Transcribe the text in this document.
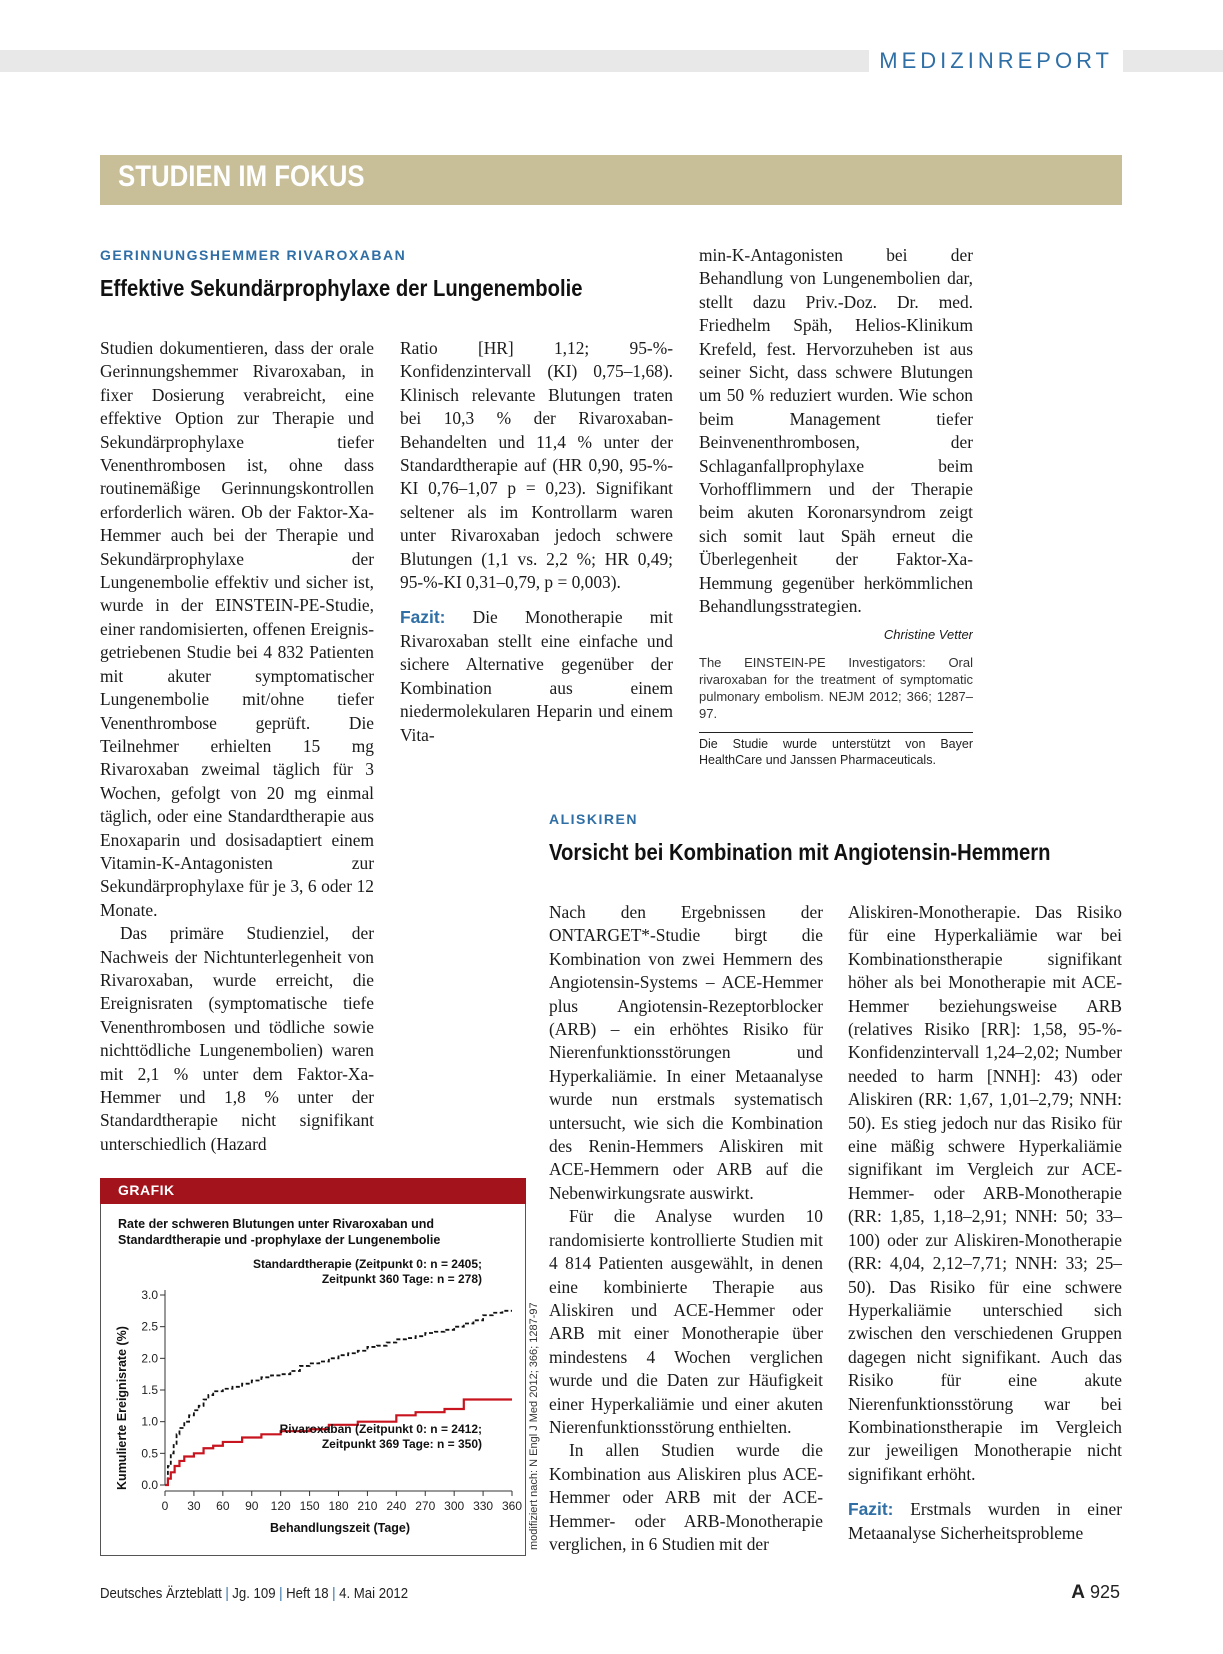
MEDIZINREPORT
STUDIEN IM FOKUS
GERINNUNGSHEMMER RIVAROXABAN
Effektive Sekundärprophylaxe der Lungenembolie

Studien dokumentieren, dass der orale Gerinnungshemmer Rivaroxaban, in fixer Dosierung verabreicht, eine effektive Option zur Therapie und Sekundärprophylaxe tiefer Venenthrombosen ist, ohne dass routinemäßige Gerinnungskontrollen erforderlich wären. Ob der Faktor-Xa-Hemmer auch bei der Therapie und Sekundärprophylaxe der Lungenembolie effektiv und sicher ist, wurde in der EINSTEIN-PE-Studie, einer randomisierten, offenen Ereignis-getriebenen Studie bei 4 832 Patienten mit akuter symptomatischer Lungenembolie mit/ohne tiefer Venenthrombose geprüft. Die Teilnehmer erhielten 15 mg Rivaroxaban zweimal täglich für 3 Wochen, gefolgt von 20 mg einmal täglich, oder eine Standardtherapie aus Enoxaparin und dosisadaptiert einem Vitamin-K-Antagonisten zur Sekundärprophylaxe für je 3, 6 oder 12 Monate.

Das primäre Studienziel, der Nachweis der Nichtunterlegenheit von Rivaroxaban, wurde erreicht, die Ereignisraten (symptomatische tiefe Venenthrombosen und tödliche sowie nichttödliche Lungenembolien) waren mit 2,1 % unter dem Faktor-Xa-Hemmer und 1,8 % unter der Standardtherapie nicht signifikant unterschiedlich (Hazard

Ratio [HR] 1,12; 95-%-Konfidenzintervall (KI) 0,75–1,68). Klinisch relevante Blutungen traten bei 10,3 % der Rivaroxaban-Behandelten und 11,4 % unter der Standardtherapie auf (HR 0,90, 95-%-KI 0,76–1,07 p = 0,23). Signifikant seltener als im Kontrollarm waren unter Rivaroxaban jedoch schwere Blutungen (1,1 vs. 2,2 %; HR 0,49; 95-%-KI 0,31–0,79, p = 0,003).

Fazit: Die Monotherapie mit Rivaroxaban stellt eine einfache und sichere Alternative gegenüber der Kombination aus einem niedermolekularen Heparin und einem Vita-

min-K-Antagonisten bei der Behandlung von Lungenembolien dar, stellt dazu Priv.-Doz. Dr. med. Friedhelm Späh, Helios-Klinikum Krefeld, fest. Hervorzuheben ist aus seiner Sicht, dass schwere Blutungen um 50 % reduziert wurden. Wie schon beim Management tiefer Beinvenenthrombosen, der Schlaganfallprophylaxe beim Vorhofflimmern und der Therapie beim akuten Koronarsyndrom zeigt sich somit laut Späh erneut die Überlegenheit der Faktor-Xa-Hemmung gegenüber herkömmlichen Behandlungsstrategien.

Christine Vetter
The EINSTEIN-PE Investigators: Oral rivaroxaban for the treatment of symptomatic pulmonary embolism. NEJM 2012; 366; 1287–97.
Die Studie wurde unterstützt von Bayer HealthCare und Janssen Pharmaceuticals.
GRAFIK
Rate der schweren Blutungen unter Rivaroxaban und Standardtherapie und -prophylaxe der Lungenembolie
0.0
0.5
1.0
1.5
2.0
2.5
3.0
0 30 60 90 120 150 180 210 240 270 300 330 360
Standardtherapie (Zeitpunkt 0: n = 2405;
Zeitpunkt 360 Tage: n = 278)
Rivaroxaban (Zeitpunkt 0: n = 2412;
Zeitpunkt 369 Tage: n = 350)
Kumulierte Ereignisrate (%)
Behandlungszeit (Tage)	modifiziert nach: N Engl J Med 2012; 366; 1287-97
ALISKIREN
Vorsicht bei Kombination mit Angiotensin-Hemmern

Nach den Ergebnissen der ONTARGET*-Studie birgt die Kombination von zwei Hemmern des Angiotensin-Systems – ACE-Hemmer plus Angiotensin-Rezeptorblocker (ARB) – ein erhöhtes Risiko für Nierenfunktionsstörungen und Hyperkaliämie. In einer Metaanalyse wurde nun erstmals systematisch untersucht, wie sich die Kombination des Renin-Hemmers Aliskiren mit ACE-Hemmern oder ARB auf die Nebenwirkungsrate auswirkt.

Für die Analyse wurden 10 randomisierte kontrollierte Studien mit 4 814 Patienten ausgewählt, in denen eine kombinierte Therapie aus Aliskiren und ACE-Hemmer oder ARB mit einer Monotherapie über mindestens 4 Wochen verglichen wurde und die Daten zur Häufigkeit einer Hyperkaliämie und einer akuten Nierenfunktionsstörung enthielten.

In allen Studien wurde die Kombination aus Aliskiren plus ACE-Hemmer oder ARB mit der ACE-Hemmer- oder ARB-Monotherapie verglichen, in 6 Studien mit der

Aliskiren-Monotherapie. Das Risiko für eine Hyperkaliämie war bei Kombinationstherapie signifikant höher als bei Monotherapie mit ACE-Hemmer beziehungsweise ARB (relatives Risiko [RR]: 1,58, 95-%-Konfidenzintervall 1,24–2,02; Number needed to harm [NNH]: 43) oder Aliskiren (RR: 1,67, 1,01–2,79; NNH: 50). Es stieg jedoch nur das Risiko für eine mäßig schwere Hyperkaliämie signifikant im Vergleich zur ACE-Hemmer- oder ARB-Monotherapie (RR: 1,85, 1,18–2,91; NNH: 50; 33–100) oder zur Aliskiren-Monotherapie (RR: 4,04, 2,12–7,71; NNH: 33; 25–50). Das Risiko für eine schwere Hyperkaliämie unterschied sich zwischen den verschiedenen Gruppen dagegen nicht signifikant. Auch das Risiko für eine akute Nierenfunktionsstörung war bei Kombinationstherapie im Vergleich zur jeweiligen Monotherapie nicht signifikant erhöht.

Fazit: Erstmals wurden in einer Metaanalyse Sicherheitsprobleme

Deutsches Ärzteblatt | Jg. 109 | Heft 18 | 4. Mai 2012	A 925
